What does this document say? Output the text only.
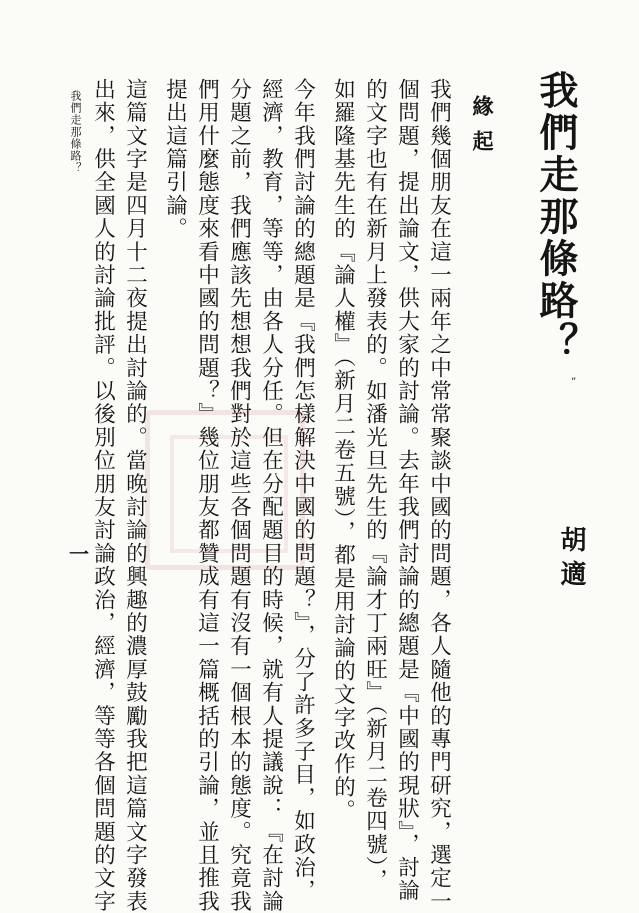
我們走那條路？
”
胡適
緣起
我們幾個朋友在這一兩年之中常常聚談中國的問題，各人隨他的專門研究，選定一
個問題，提出論文，供大家的討論。去年我們討論的總題是『中國的現狀』，討論
的文字也有在新月上發表的。如潘光旦先生的『論才丁兩旺』（新月二卷四號），
如羅隆基先生的『論人權』（新月二卷五號），都是用討論的文字改作的。
今年我們討論的總題是『我們怎樣解決中國的問題？』，分了許多子目，如政治，
經濟，教育，等等，由各人分任。但在分配題目的時候，就有人提議說：『在討論
分題之前，我們應該先想想我們對於這些各個問題有沒有一個根本的態度。究竟我
們用什麼態度來看中國的問題？』幾位朋友都贊成有這一篇概括的引論，並且推我
提出這篇引論。
這篇文字是四月十二夜提出討論的。當晚討論的興趣的濃厚鼓勵我把這篇文字發表
出來，供全國人的討論批評。以後別位朋友討論政治，經濟，等等各個問題的文字
我們走那條路？
一
